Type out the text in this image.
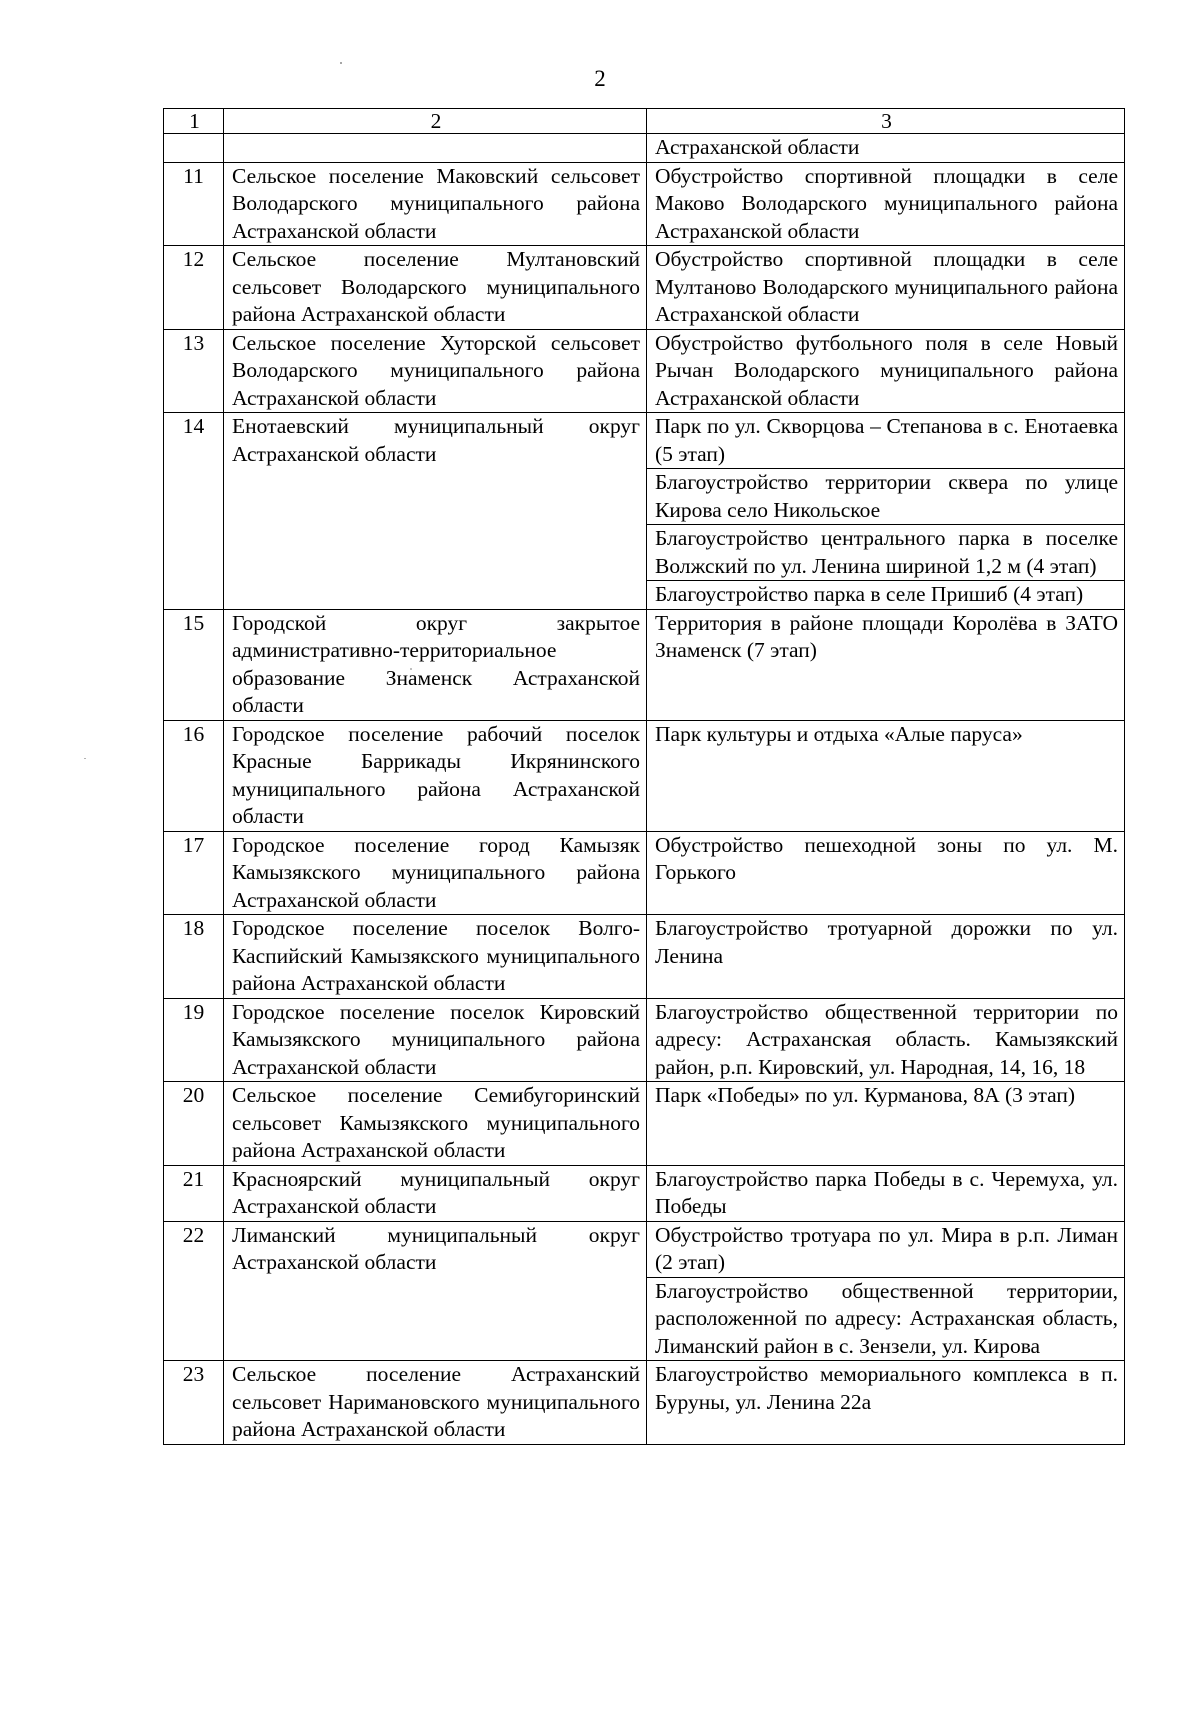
2
1	2	3
		Астраханской области
11	Сельское поселение Маковский сельсовет Володарского муниципального района Астраханской области	Обустройство спортивной площадки в селе Маково Володарского муниципального района Астраханской области
12	Сельское поселение Мултановский сельсовет Володарского муниципального района Астраханской области	Обустройство спортивной площадки в селе Мултаново Володарского муниципального района Астраханской области
13	Сельское поселение Хуторской сельсовет Володарского муниципального района Астраханской области	Обустройство футбольного поля в селе Новый Рычан Володарского муниципального района Астраханской области
14	Енотаевский муниципальный округ Астраханской области	Парк по ул. Скворцова – Степанова в с. Енотаевка (5 этап)
		Благоустройство территории сквера по улице Кирова село Никольское
		Благоустройство центрального парка в поселке Волжский по ул. Ленина шириной 1,2 м (4 этап)
		Благоустройство парка в селе Пришиб (4 этап)
15	Городской округ закрытое административно-территориальное образование Знаменск Астраханской области	Территория в районе площади Королёва в ЗАТО Знаменск (7 этап)
16	Городское поселение рабочий поселок Красные Баррикады Икрянинского муниципального района Астраханской области	Парк культуры и отдыха «Алые паруса»
17	Городское поселение город Камызяк Камызякского муниципального района Астраханской области	Обустройство пешеходной зоны по ул. М. Горького
18	Городское поселение поселок Волго-Каспийский Камызякского муниципального района Астраханской области	Благоустройство тротуарной дорожки по ул. Ленина
19	Городское поселение поселок Кировский Камызякского муниципального района Астраханской области	Благоустройство общественной территории по адресу: Астраханская область. Камызякский район, р.п. Кировский, ул. Народная, 14, 16, 18
20	Сельское поселение Семибугоринский сельсовет Камызякского муниципального района Астраханской области	Парк «Победы» по ул. Курманова, 8А (3 этап)
21	Красноярский муниципальный округ Астраханской области	Благоустройство парка Победы в с. Черемуха, ул. Победы
22	Лиманский муниципальный округ Астраханской области	Обустройство тротуара по ул. Мира в р.п. Лиман (2 этап)
		Благоустройство общественной территории, расположенной по адресу: Астраханская область, Лиманский район в с. Зензели, ул. Кирова
23	Сельское поселение Астраханский сельсовет Наримановского муниципального района Астраханской области	Благоустройство мемориального комплекса в п. Буруны, ул. Ленина 22а
